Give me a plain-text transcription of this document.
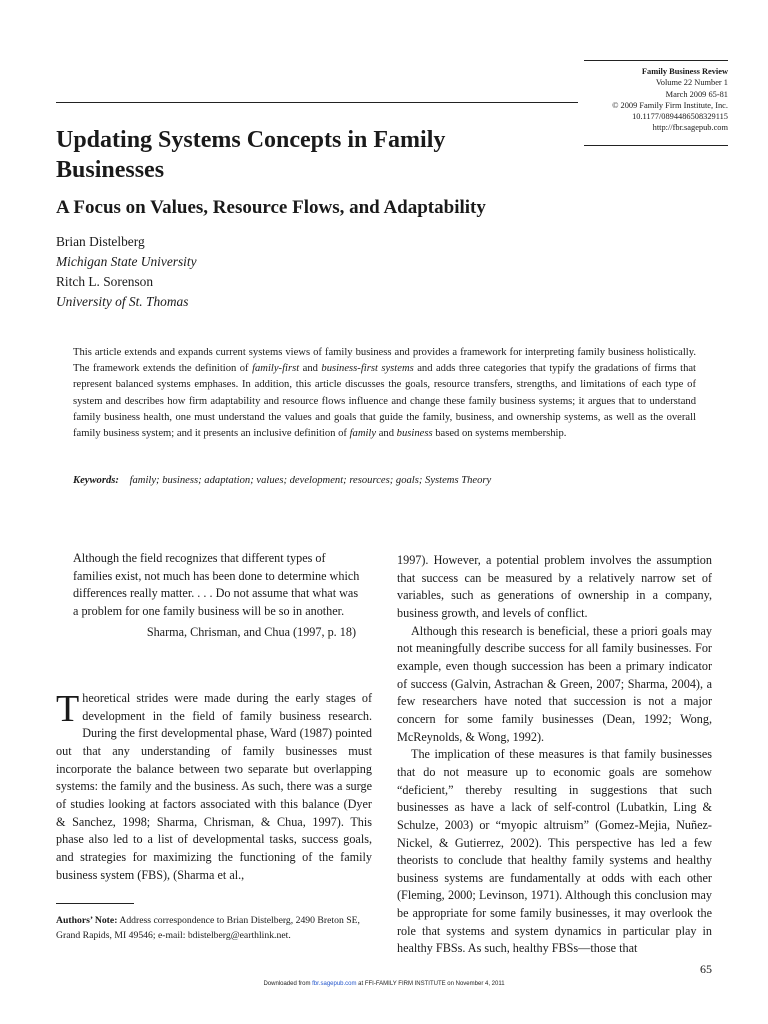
Family Business Review
Volume 22 Number 1
March 2009 65-81
© 2009 Family Firm Institute, Inc.
10.1177/0894486508329115
http://fbr.sagepub.com
Updating Systems Concepts in Family Businesses
A Focus on Values, Resource Flows, and Adaptability
Brian Distelberg
Michigan State University
Ritch L. Sorenson
University of St. Thomas

This article extends and expands current systems views of family business and provides a framework for interpreting family business holistically. The framework extends the definition of family-first and business-first systems and adds three categories that typify the gradations of firms that represent balanced systems emphases. In addition, this article discusses the goals, resource transfers, strengths, and limitations of each type of system and describes how firm adaptability and resource flows influence and change these family business systems; it argues that to understand family business health, one must understand the values and goals that guide the family, business, and ownership systems, as well as the overall family business system; and it presents an inclusive definition of family and business based on systems membership.

Keywords: family; business; adaptation; values; development; resources; goals; Systems Theory

Although the field recognizes that different types of families exist, not much has been done to determine which differences really matter. . . . Do not assume that what was a problem for one family business will be so in another.

Sharma, Chrisman, and Chua (1997, p. 18)

Theoretical strides were made during the early stages of development in the field of family business research. During the first developmental phase, Ward (1987) pointed out that any understanding of family businesses must incorporate the balance between two separate but overlapping systems: the family and the business. As such, there was a surge of studies looking at factors associated with this balance (Dyer & Sanchez, 1998; Sharma, Chrisman, & Chua, 1997). This phase also led to a list of developmental tasks, success goals, and strategies for maximizing the functioning of the family business system (FBS), (Sharma et al.,

1997). However, a potential problem involves the assumption that success can be measured by a relatively narrow set of variables, such as generations of ownership in a company, business growth, and levels of conflict.

Although this research is beneficial, these a priori goals may not meaningfully describe success for all family businesses. For example, even though succession has been a primary indicator of success (Galvin, Astrachan & Green, 2007; Sharma, 2004), a few researchers have noted that succession is not a major concern for some family businesses (Dean, 1992; Wong, McReynolds, & Wong, 1992).

The implication of these measures is that family businesses that do not measure up to economic goals are somehow “deficient,” thereby resulting in suggestions that such businesses as have a lack of self-control (Lubatkin, Ling & Schulze, 2003) or “myopic altruism” (Gomez-Mejia, Nuñez-Nickel, & Gutierrez, 2002). This perspective has led a few theorists to conclude that healthy family systems and healthy business systems are fundamentally at odds with each other (Fleming, 2000; Levinson, 1971). Although this conclusion may be appropriate for some family businesses, it may overlook the role that systems and system dynamics in particular play in healthy FBSs. As such, healthy FBSs—those that

Authors’ Note: Address correspondence to Brian Distelberg, 2490 Breton SE, Grand Rapids, MI 49546; e-mail: bdistelberg@earthlink.net.

65
Downloaded from fbr.sagepub.com at FFI-FAMILY FIRM INSTITUTE on November 4, 2011
